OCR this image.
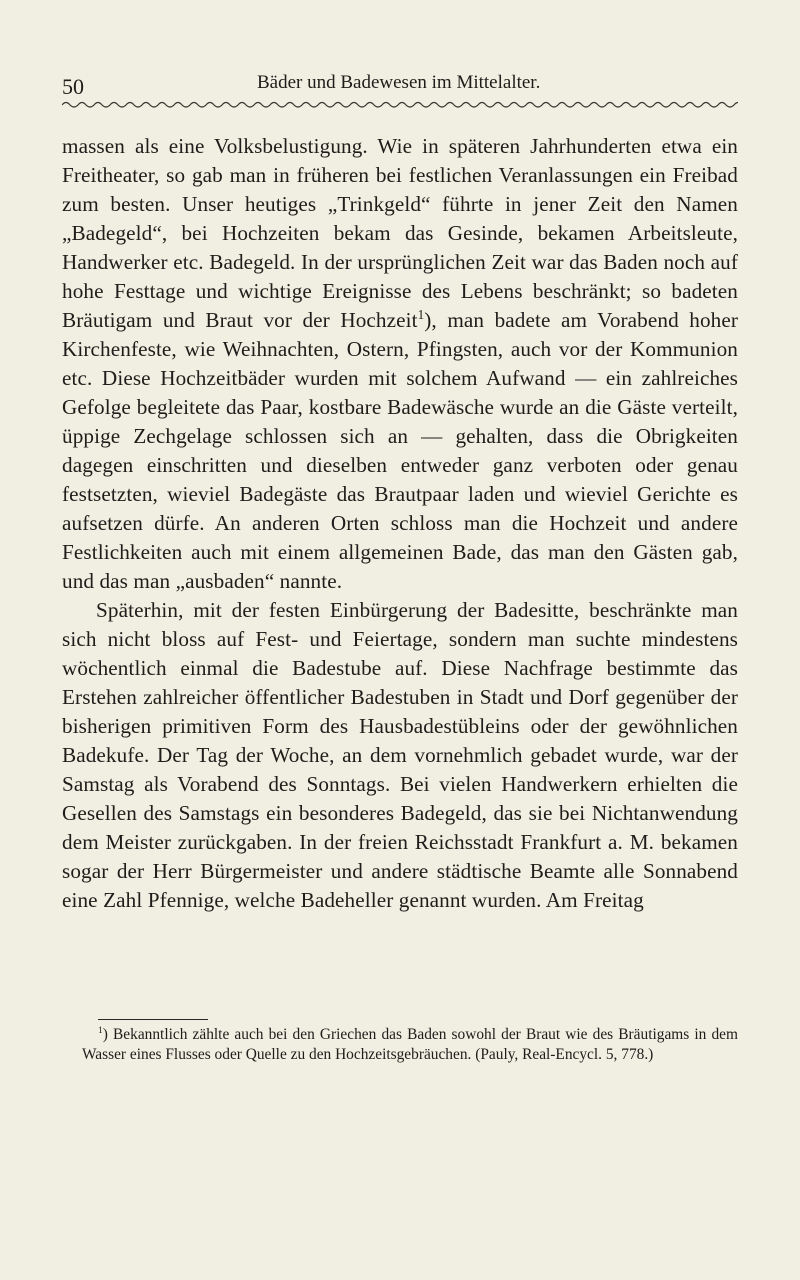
50	Bäder und Badewesen im Mittelalter.

massen als eine Volksbelustigung. Wie in späteren Jahrhunderten etwa ein Freitheater, so gab man in früheren bei festlichen Veranlassungen ein Freibad zum besten. Unser heutiges „Trinkgeld“ führte in jener Zeit den Namen „Badegeld“, bei Hochzeiten bekam das Gesinde, bekamen Arbeitsleute, Handwerker etc. Badegeld. In der ursprünglichen Zeit war das Baden noch auf hohe Festtage und wichtige Ereignisse des Lebens beschränkt; so badeten Bräutigam und Braut vor der Hochzeit$^1$), man badete am Vorabend hoher Kirchenfeste, wie Weihnachten, Ostern, Pfingsten, auch vor der Kommunion etc. Diese Hochzeitbäder wurden mit solchem Aufwand — ein zahlreiches Gefolge begleitete das Paar, kostbare Badewäsche wurde an die Gäste verteilt, üppige Zechgelage schlossen sich an — gehalten, dass die Obrigkeiten dagegen einschritten und dieselben entweder ganz verboten oder genau festsetzten, wieviel Badegäste das Brautpaar laden und wieviel Gerichte es aufsetzen dürfe. An anderen Orten schloss man die Hochzeit und andere Festlichkeiten auch mit einem allgemeinen Bade, das man den Gästen gab, und das man „ausbaden“ nannte.

Späterhin, mit der festen Einbürgerung der Badesitte, beschränkte man sich nicht bloss auf Fest- und Feiertage, sondern man suchte mindestens wöchentlich einmal die Badestube auf. Diese Nachfrage bestimmte das Erstehen zahlreicher öffentlicher Badestuben in Stadt und Dorf gegenüber der bisherigen primitiven Form des Hausbadestübleins oder der gewöhnlichen Badekufe. Der Tag der Woche, an dem vornehmlich gebadet wurde, war der Samstag als Vorabend des Sonntags. Bei vielen Handwerkern erhielten die Gesellen des Samstags ein besonderes Badegeld, das sie bei Nichtanwendung dem Meister zurückgaben. In der freien Reichsstadt Frankfurt a. M. bekamen sogar der Herr Bürgermeister und andere städtische Beamte alle Sonnabend eine Zahl Pfennige, welche Badeheller genannt wurden. Am Freitag

$^1$) Bekanntlich zählte auch bei den Griechen das Baden sowohl der Braut wie des Bräutigams in dem Wasser eines Flusses oder Quelle zu den Hochzeitsgebräuchen. (Pauly, Real-Encycl. 5, 778.)
